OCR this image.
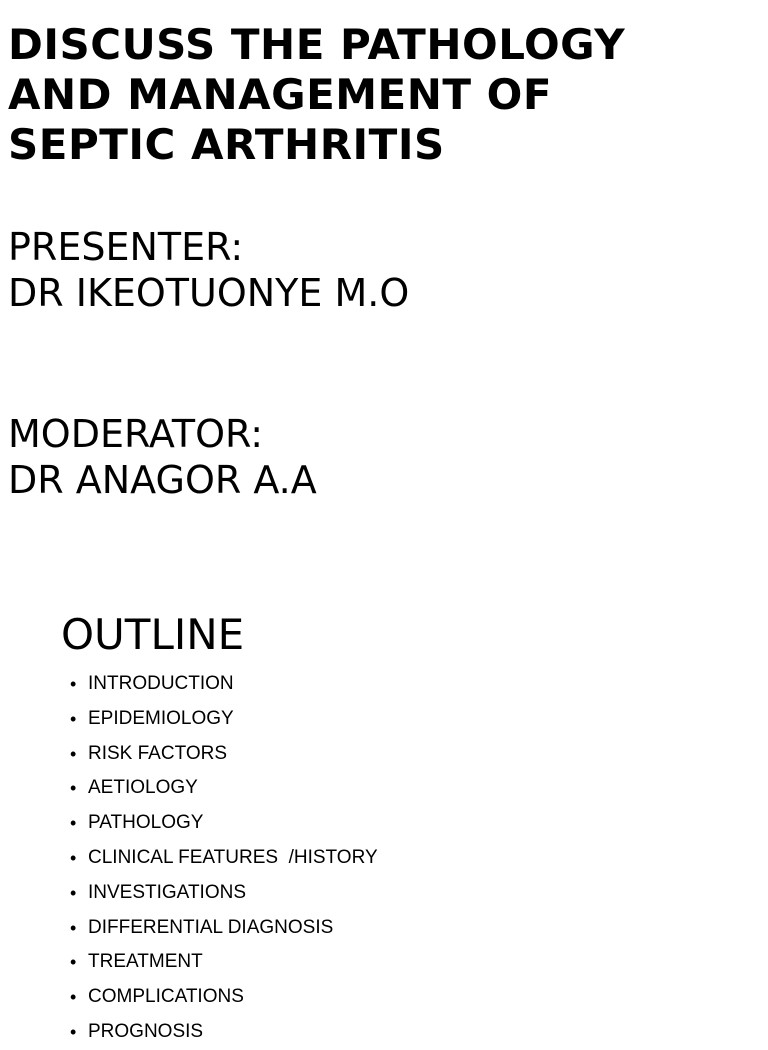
DISCUSS THE PATHOLOGY
AND MANAGEMENT OF
SEPTIC ARTHRITIS
PRESENTER:
DR IKEOTUONYE M.O
MODERATOR:
DR ANAGOR A.A
OUTLINE
• INTRODUCTION
• EPIDEMIOLOGY
• RISK FACTORS
• AETIOLOGY
• PATHOLOGY
• CLINICAL FEATURES  /HISTORY
• INVESTIGATIONS
• DIFFERENTIAL DIAGNOSIS
• TREATMENT
• COMPLICATIONS
• PROGNOSIS
